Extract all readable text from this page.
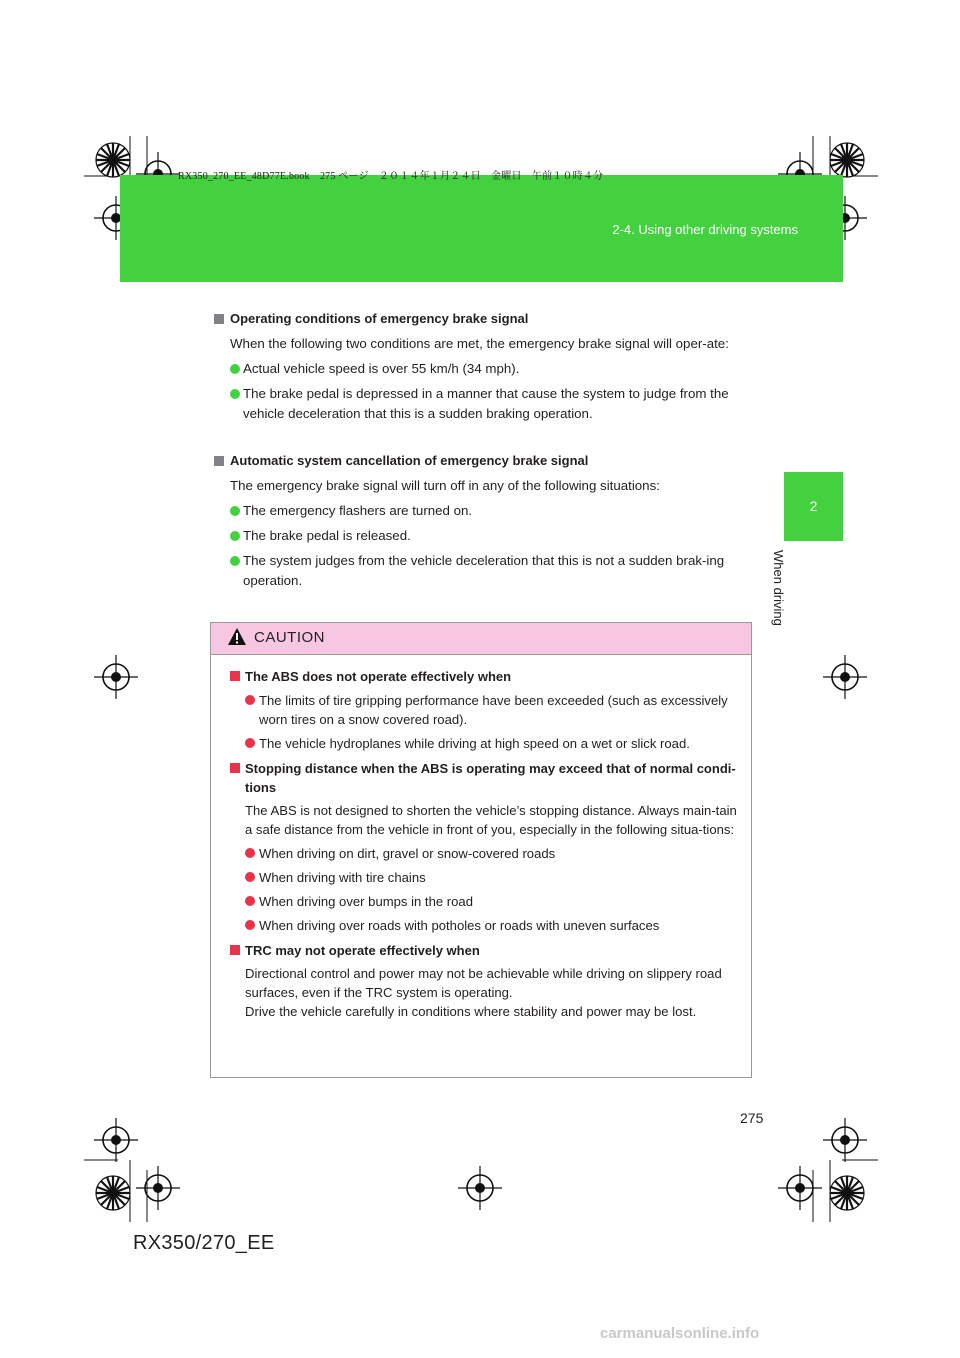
RX350_270_EE_48D77E.book　275 ページ　２０１４年１月２４日　金曜日　午前１０時４分
2-4. Using other driving systems
2
When driving
Operating conditions of emergency brake signal
When the following two conditions are met, the emergency brake signal will oper-ate:
Actual vehicle speed is over 55 km/h (34 mph).
The brake pedal is depressed in a manner that cause the system to judge from the vehicle deceleration that this is a sudden braking operation.
Automatic system cancellation of emergency brake signal
The emergency brake signal will turn off in any of the following situations:
The emergency flashers are turned on.
The brake pedal is released.
The system judges from the vehicle deceleration that this is not a sudden brak-ing operation.
CAUTION
The ABS does not operate effectively when
The limits of tire gripping performance have been exceeded (such as excessively worn tires on a snow covered road).
The vehicle hydroplanes while driving at high speed on a wet or slick road.
Stopping distance when the ABS is operating may exceed that of normal condi-tions
The ABS is not designed to shorten the vehicle’s stopping distance. Always main-tain a safe distance from the vehicle in front of you, especially in the following situa-tions:
When driving on dirt, gravel or snow-covered roads
When driving with tire chains
When driving over bumps in the road
When driving over roads with potholes or roads with uneven surfaces
TRC may not operate effectively when
Directional control and power may not be achievable while driving on slippery road surfaces, even if the TRC system is operating.
Drive the vehicle carefully in conditions where stability and power may be lost.
275
RX350/270_EE
carmanualsonline.info
